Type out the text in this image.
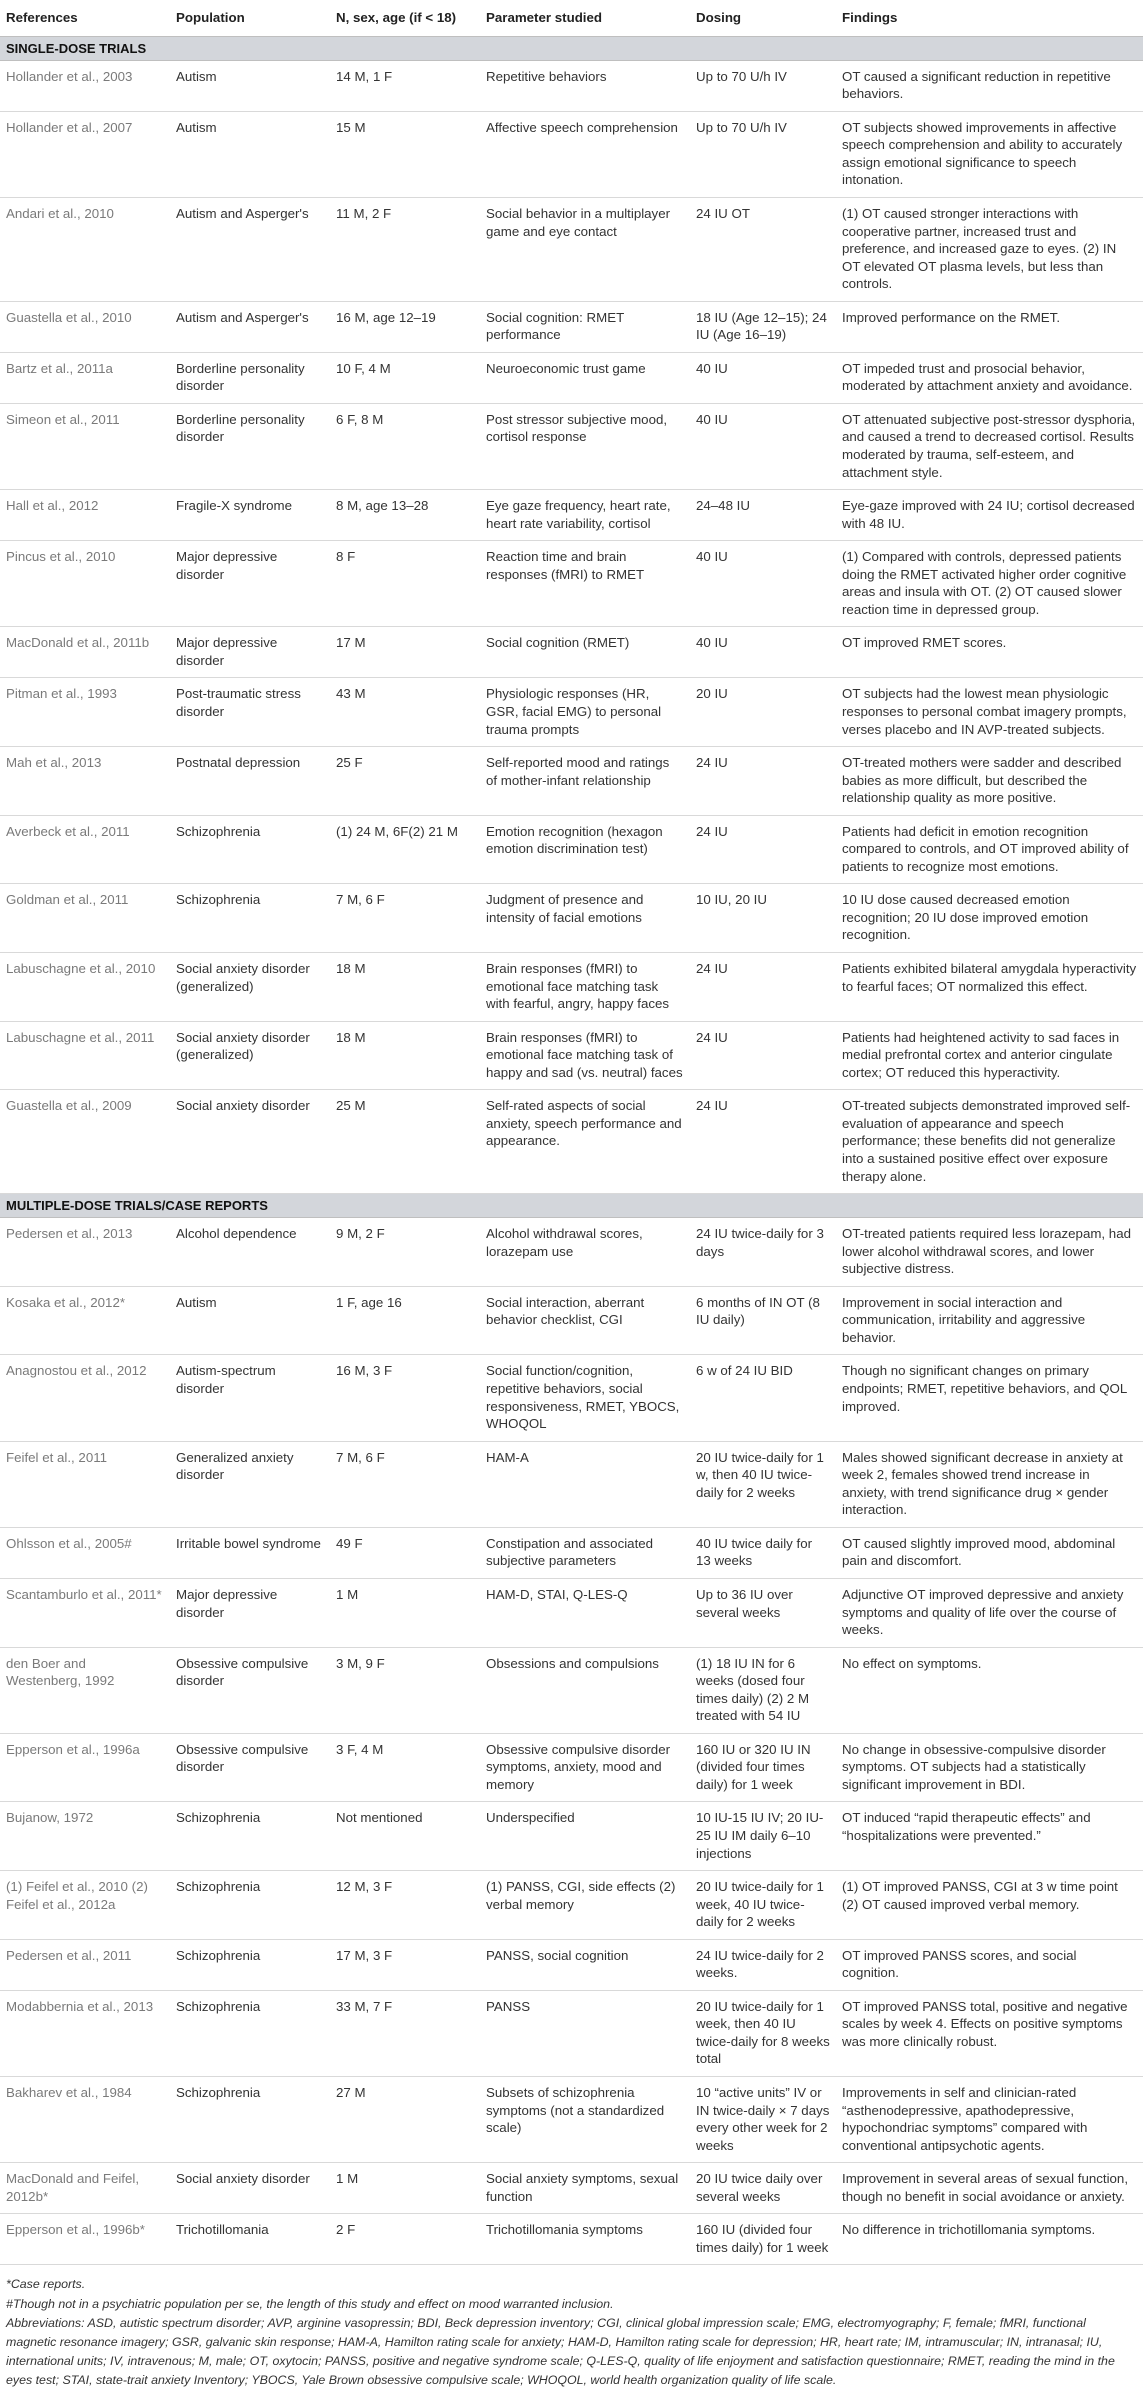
References	Population	N, sex, age (if < 18)	Parameter studied	Dosing	Findings
SINGLE-DOSE TRIALS					
Hollander et al., 2003	Autism	14 M, 1 F	Repetitive behaviors	Up to 70 U/h IV	OT caused a significant reduction in repetitive behaviors.
Hollander et al., 2007	Autism	15 M	Affective speech comprehension	Up to 70 U/h IV	OT subjects showed improvements in affective speech comprehension and ability to accurately assign emotional significance to speech intonation.
Andari et al., 2010	Autism and Asperger's	11 M, 2 F	Social behavior in a multiplayer game and eye contact	24 IU OT	(1) OT caused stronger interactions with cooperative partner, increased trust and preference, and increased gaze to eyes. (2) IN OT elevated OT plasma levels, but less than controls.
Guastella et al., 2010	Autism and Asperger's	16 M, age 12–19	Social cognition: RMET performance	18 IU (Age 12–15); 24 IU (Age 16–19)	Improved performance on the RMET.
Bartz et al., 2011a	Borderline personality disorder	10 F, 4 M	Neuroeconomic trust game	40 IU	OT impeded trust and prosocial behavior, moderated by attachment anxiety and avoidance.
Simeon et al., 2011	Borderline personality disorder	6 F, 8 M	Post stressor subjective mood, cortisol response	40 IU	OT attenuated subjective post-stressor dysphoria, and caused a trend to decreased cortisol. Results moderated by trauma, self-esteem, and attachment style.
Hall et al., 2012	Fragile-X syndrome	8 M, age 13–28	Eye gaze frequency, heart rate, heart rate variability, cortisol	24–48 IU	Eye-gaze improved with 24 IU; cortisol decreased with 48 IU.
Pincus et al., 2010	Major depressive disorder	8 F	Reaction time and brain responses (fMRI) to RMET	40 IU	(1) Compared with controls, depressed patients doing the RMET activated higher order cognitive areas and insula with OT. (2) OT caused slower reaction time in depressed group.
MacDonald et al., 2011b	Major depressive disorder	17 M	Social cognition (RMET)	40 IU	OT improved RMET scores.
Pitman et al., 1993	Post-traumatic stress disorder	43 M	Physiologic responses (HR, GSR, facial EMG) to personal trauma prompts	20 IU	OT subjects had the lowest mean physiologic responses to personal combat imagery prompts, verses placebo and IN AVP-treated subjects.
Mah et al., 2013	Postnatal depression	25 F	Self-reported mood and ratings of mother-infant relationship	24 IU	OT-treated mothers were sadder and described babies as more difficult, but described the relationship quality as more positive.
Averbeck et al., 2011	Schizophrenia	(1) 24 M, 6F(2) 21 M	Emotion recognition (hexagon emotion discrimination test)	24 IU	Patients had deficit in emotion recognition compared to controls, and OT improved ability of patients to recognize most emotions.
Goldman et al., 2011	Schizophrenia	7 M, 6 F	Judgment of presence and intensity of facial emotions	10 IU, 20 IU	10 IU dose caused decreased emotion recognition; 20 IU dose improved emotion recognition.
Labuschagne et al., 2010	Social anxiety disorder (generalized)	18 M	Brain responses (fMRI) to emotional face matching task with fearful, angry, happy faces	24 IU	Patients exhibited bilateral amygdala hyperactivity to fearful faces; OT normalized this effect.
Labuschagne et al., 2011	Social anxiety disorder (generalized)	18 M	Brain responses (fMRI) to emotional face matching task of happy and sad (vs. neutral) faces	24 IU	Patients had heightened activity to sad faces in medial prefrontal cortex and anterior cingulate cortex; OT reduced this hyperactivity.
Guastella et al., 2009	Social anxiety disorder	25 M	Self-rated aspects of social anxiety, speech performance and appearance.	24 IU	OT-treated subjects demonstrated improved self-evaluation of appearance and speech performance; these benefits did not generalize into a sustained positive effect over exposure therapy alone.
MULTIPLE-DOSE TRIALS/CASE REPORTS					
Pedersen et al., 2013	Alcohol dependence	9 M, 2 F	Alcohol withdrawal scores, lorazepam use	24 IU twice-daily for 3 days	OT-treated patients required less lorazepam, had lower alcohol withdrawal scores, and lower subjective distress.
Kosaka et al., 2012*	Autism	1 F, age 16	Social interaction, aberrant behavior checklist, CGI	6 months of IN OT (8 IU daily)	Improvement in social interaction and communication, irritability and aggressive behavior.
Anagnostou et al., 2012	Autism-spectrum disorder	16 M, 3 F	Social function/cognition, repetitive behaviors, social responsiveness, RMET, YBOCS, WHOQOL	6 w of 24 IU BID	Though no significant changes on primary endpoints; RMET, repetitive behaviors, and QOL improved.
Feifel et al., 2011	Generalized anxiety disorder	7 M, 6 F	HAM-A	20 IU twice-daily for 1 w, then 40 IU twice-daily for 2 weeks	Males showed significant decrease in anxiety at week 2, females showed trend increase in anxiety, with trend significance drug × gender interaction.
Ohlsson et al., 2005#	Irritable bowel syndrome	49 F	Constipation and associated subjective parameters	40 IU twice daily for 13 weeks	OT caused slightly improved mood, abdominal pain and discomfort.
Scantamburlo et al., 2011*	Major depressive disorder	1 M	HAM-D, STAI, Q-LES-Q	Up to 36 IU over several weeks	Adjunctive OT improved depressive and anxiety symptoms and quality of life over the course of weeks.
den Boer and Westenberg, 1992	Obsessive compulsive disorder	3 M, 9 F	Obsessions and compulsions	(1) 18 IU IN for 6 weeks (dosed four times daily) (2) 2 M treated with 54 IU	No effect on symptoms.
Epperson et al., 1996a	Obsessive compulsive disorder	3 F, 4 M	Obsessive compulsive disorder symptoms, anxiety, mood and memory	160 IU or 320 IU IN (divided four times daily) for 1 week	No change in obsessive-compulsive disorder symptoms. OT subjects had a statistically significant improvement in BDI.
Bujanow, 1972	Schizophrenia	Not mentioned	Underspecified	10 IU-15 IU IV; 20 IU-25 IU IM daily 6–10 injections	OT induced “rapid therapeutic effects” and “hospitalizations were prevented.”
(1) Feifel et al., 2010 (2) Feifel et al., 2012a	Schizophrenia	12 M, 3 F	(1) PANSS, CGI, side effects (2) verbal memory	20 IU twice-daily for 1 week, 40 IU twice-daily for 2 weeks	(1) OT improved PANSS, CGI at 3 w time point (2) OT caused improved verbal memory.
Pedersen et al., 2011	Schizophrenia	17 M, 3 F	PANSS, social cognition	24 IU twice-daily for 2 weeks.	OT improved PANSS scores, and social cognition.
Modabbernia et al., 2013	Schizophrenia	33 M, 7 F	PANSS	20 IU twice-daily for 1 week, then 40 IU twice-daily for 8 weeks total	OT improved PANSS total, positive and negative scales by week 4. Effects on positive symptoms was more clinically robust.
Bakharev et al., 1984	Schizophrenia	27 M	Subsets of schizophrenia symptoms (not a standardized scale)	10 “active units” IV or IN twice-daily × 7 days every other week for 2 weeks	Improvements in self and clinician-rated “asthenodepressive, apathodepressive, hypochondriac symptoms” compared with conventional antipsychotic agents.
MacDonald and Feifel, 2012b*	Social anxiety disorder	1 M	Social anxiety symptoms, sexual function	20 IU twice daily over several weeks	Improvement in several areas of sexual function, though no benefit in social avoidance or anxiety.
Epperson et al., 1996b*	Trichotillomania	2 F	Trichotillomania symptoms	160 IU (divided four times daily) for 1 week	No difference in trichotillomania symptoms.

*Case reports.

#Though not in a psychiatric population per se, the length of this study and effect on mood warranted inclusion.

Abbreviations: ASD, autistic spectrum disorder; AVP, arginine vasopressin; BDI, Beck depression inventory; CGI, clinical global impression scale; EMG, electromyography; F, female; fMRI, functional magnetic resonance imagery; GSR, galvanic skin response; HAM-A, Hamilton rating scale for anxiety; HAM-D, Hamilton rating scale for depression; HR, heart rate; IM, intramuscular; IN, intranasal; IU, international units; IV, intravenous; M, male; OT, oxytocin; PANSS, positive and negative syndrome scale; Q-LES-Q, quality of life enjoyment and satisfaction questionnaire; RMET, reading the mind in the eyes test; STAI, state-trait anxiety Inventory; YBOCS, Yale Brown obsessive compulsive scale; WHOQOL, world health organization quality of life scale.
